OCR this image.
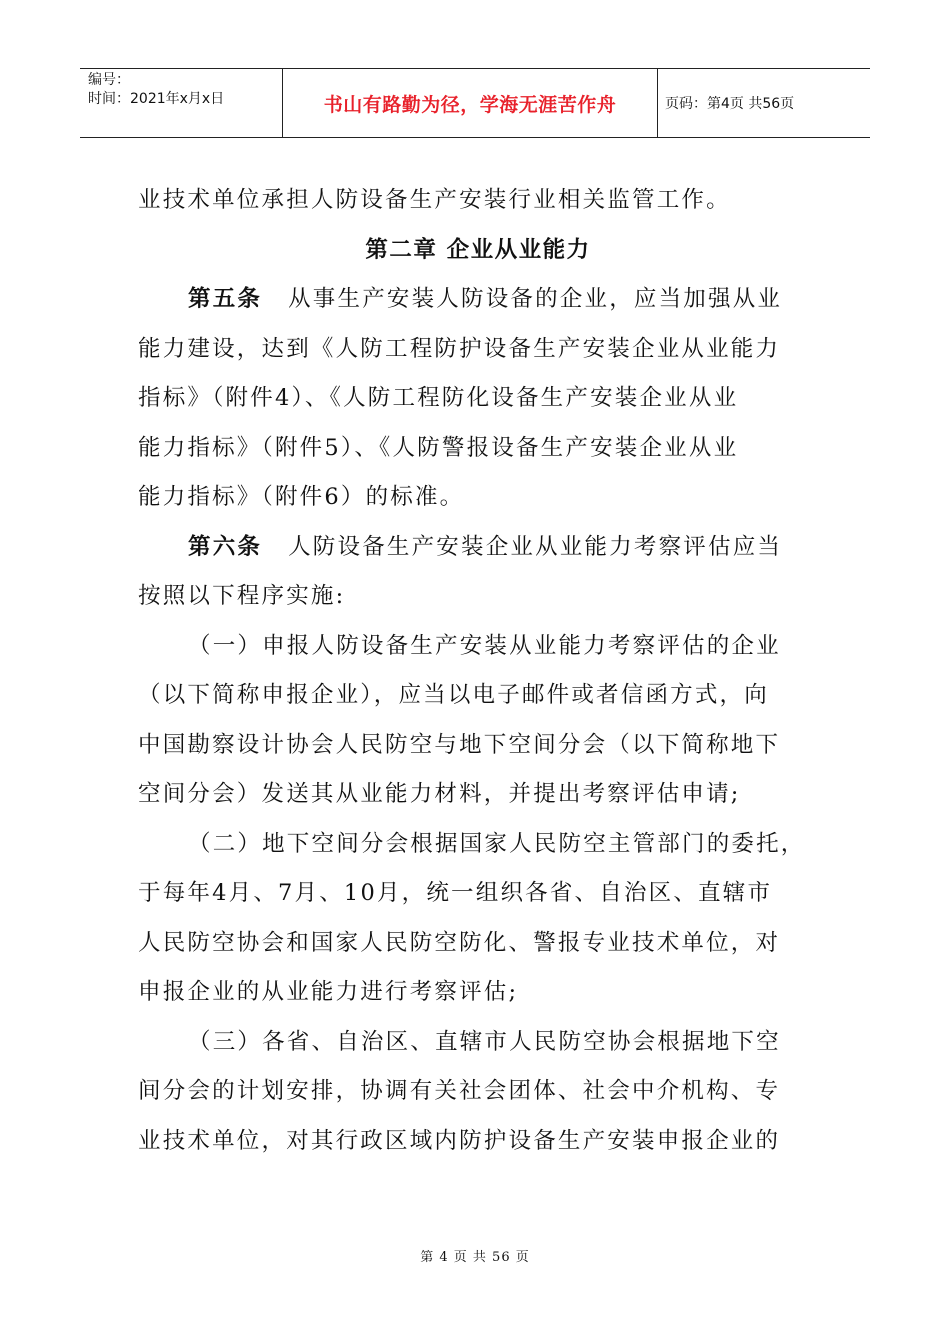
编号：
时间：2021年x月x日	书山有路勤为径，学海无涯苦作舟	页码：第4页 共56页
业技术单位承担人防设备生产安装行业相关监管工作。
第二章 企业从业能力
第五条 从事生产安装人防设备的企业，应当加强从业
能力建设，达到《人防工程防护设备生产安装企业从业能力
指标》（附件4）、《人防工程防化设备生产安装企业从业
能力指标》（附件5）、《人防警报设备生产安装企业从业
能力指标》（附件6）的标准。
第六条 人防设备生产安装企业从业能力考察评估应当
按照以下程序实施:
（一）申报人防设备生产安装从业能力考察评估的企业
（以下简称申报企业），应当以电子邮件或者信函方式，向
中国勘察设计协会人民防空与地下空间分会（以下简称地下
空间分会）发送其从业能力材料，并提出考察评估申请;
（二）地下空间分会根据国家人民防空主管部门的委托，
于每年4月、7月、10月，统一组织各省、自治区、直辖市
人民防空协会和国家人民防空防化、警报专业技术单位，对
申报企业的从业能力进行考察评估;
（三）各省、自治区、直辖市人民防空协会根据地下空
间分会的计划安排，协调有关社会团体、社会中介机构、专
业技术单位，对其行政区域内防护设备生产安装申报企业的
第 4 页 共 56 页
